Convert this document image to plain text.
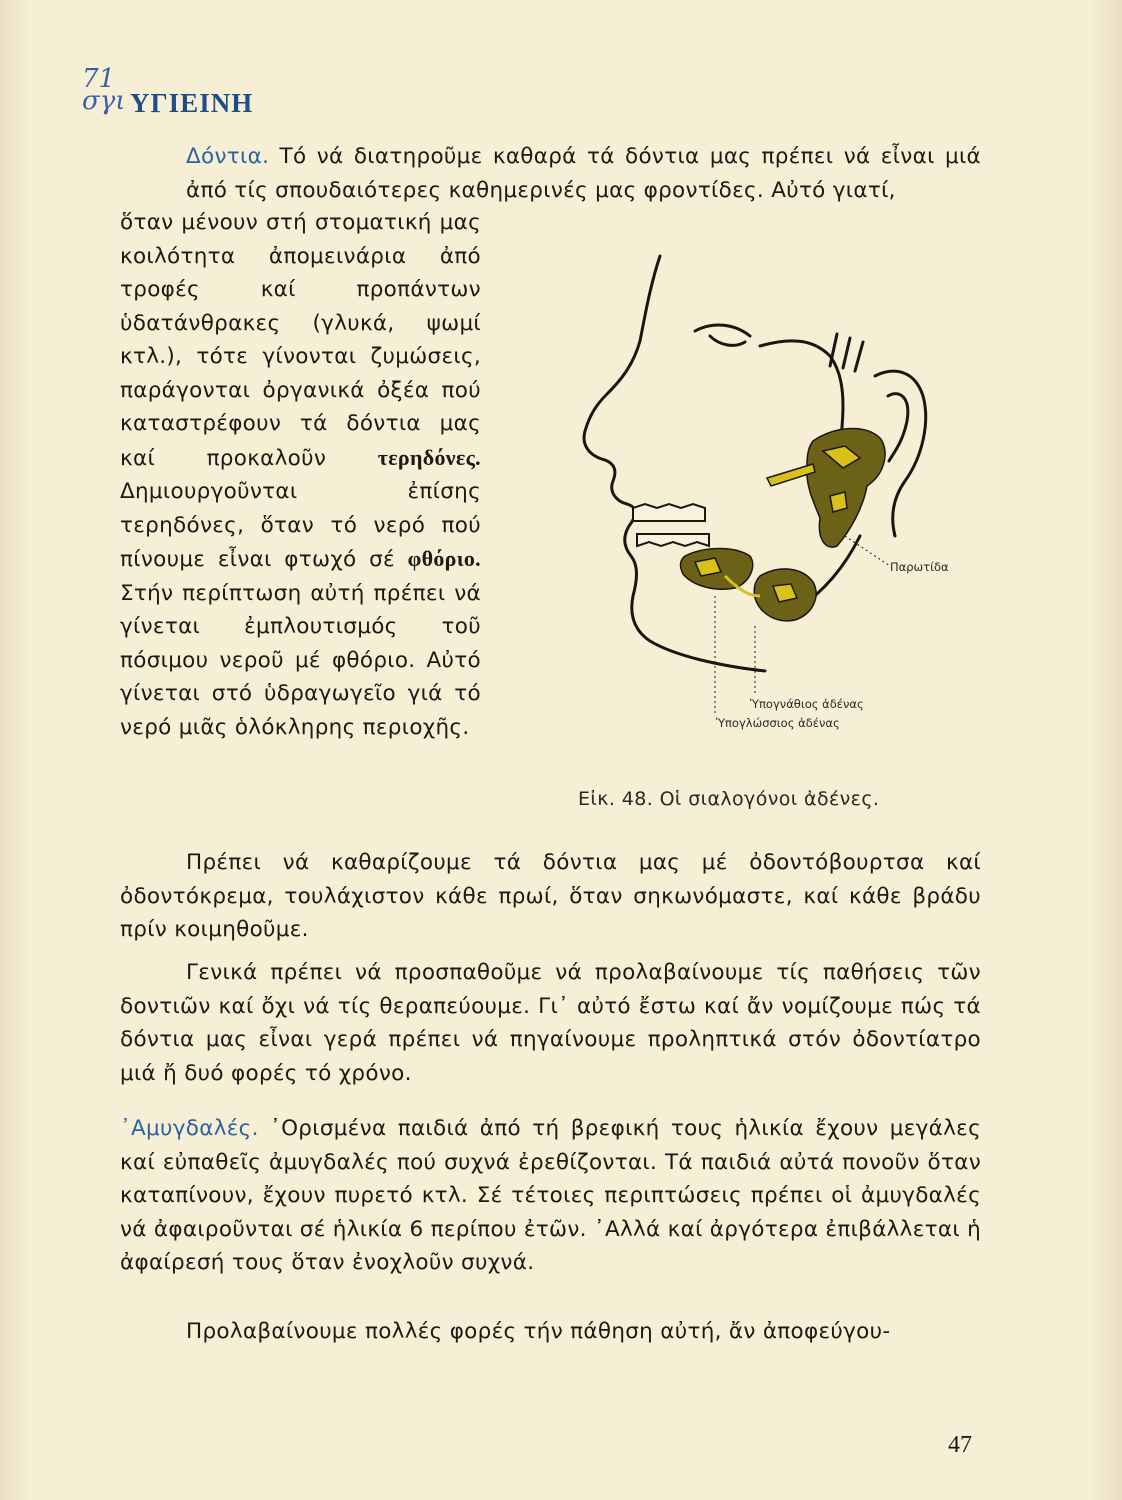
71
σγι ΥΓΙΕΙΝΗ
Δόντια. Τό νά διατηροῦμε καθαρά τά δόντια μας πρέπει νά εἶναι μιά ἀπό τίς σπουδαιότερες καθημερινές μας φροντίδες. Αὐτό γιατί,
ὅταν μένουν στή στοματική μας κοιλότητα ἀπομεινάρια ἀπό τροφές καί προπάντων ὑδατάνθρακες (γλυκά, ψωμί κτλ.), τότε γίνονται ζυμώσεις, παράγονται ὀργανικά ὀξέα πού καταστρέφουν τά δόντια μας καί προκαλοῦν τερηδόνες. Δημιουργοῦνται ἐπίσης τερηδόνες, ὅταν τό νερό πού πίνουμε εἶναι φτωχό σέ φθόριο. Στήν περίπτωση αὐτή πρέπει νά γίνεται ἐμπλουτισμός τοῦ πόσιμου νεροῦ μέ φθόριο. Αὐτό γίνεται στό ὑδραγωγεῖο γιά τό νερό μιᾶς ὁλόκληρης περιοχῆς.
Παρωτίδα
Ὑπογνάθιος ἀδένας
Ὑπογλώσσιος ἀδένας
Εἰκ. 48. Οἱ σιαλογόνοι ἀδένες.
Πρέπει νά καθαρίζουμε τά δόντια μας μέ ὀδοντόβουρτσα καί ὀδοντόκρεμα, τουλάχιστον κάθε πρωί, ὅταν σηκωνόμαστε, καί κάθε βράδυ πρίν κοιμηθοῦμε.
Γενικά πρέπει νά προσπαθοῦμε νά προλαβαίνουμε τίς παθήσεις τῶν δοντιῶν καί ὄχι νά τίς θεραπεύουμε. Γι᾽ αὐτό ἔστω καί ἄν νομίζουμε πώς τά δόντια μας εἶναι γερά πρέπει νά πηγαίνουμε προληπτικά στόν ὀδοντίατρο μιά ἤ δυό φορές τό χρόνο.
᾽Αμυγδαλές. ᾽Ορισμένα παιδιά ἀπό τή βρεφική τους ἡλικία ἔχουν μεγάλες καί εὐπαθεῖς ἀμυγδαλές πού συχνά ἐρεθίζονται. Τά παιδιά αὐτά πονοῦν ὅταν καταπίνουν, ἔχουν πυρετό κτλ. Σέ τέτοιες περιπτώσεις πρέπει οἱ ἀμυγδαλές νά ἀφαιροῦνται σέ ἡλικία 6 περίπου ἐτῶν. ᾽Αλλά καί ἀργότερα ἐπιβάλλεται ἡ ἀφαίρεσή τους ὅταν ἐνοχλοῦν συχνά.
Προλαβαίνουμε πολλές φορές τήν πάθηση αὐτή, ἄν ἀποφεύγου-
47
